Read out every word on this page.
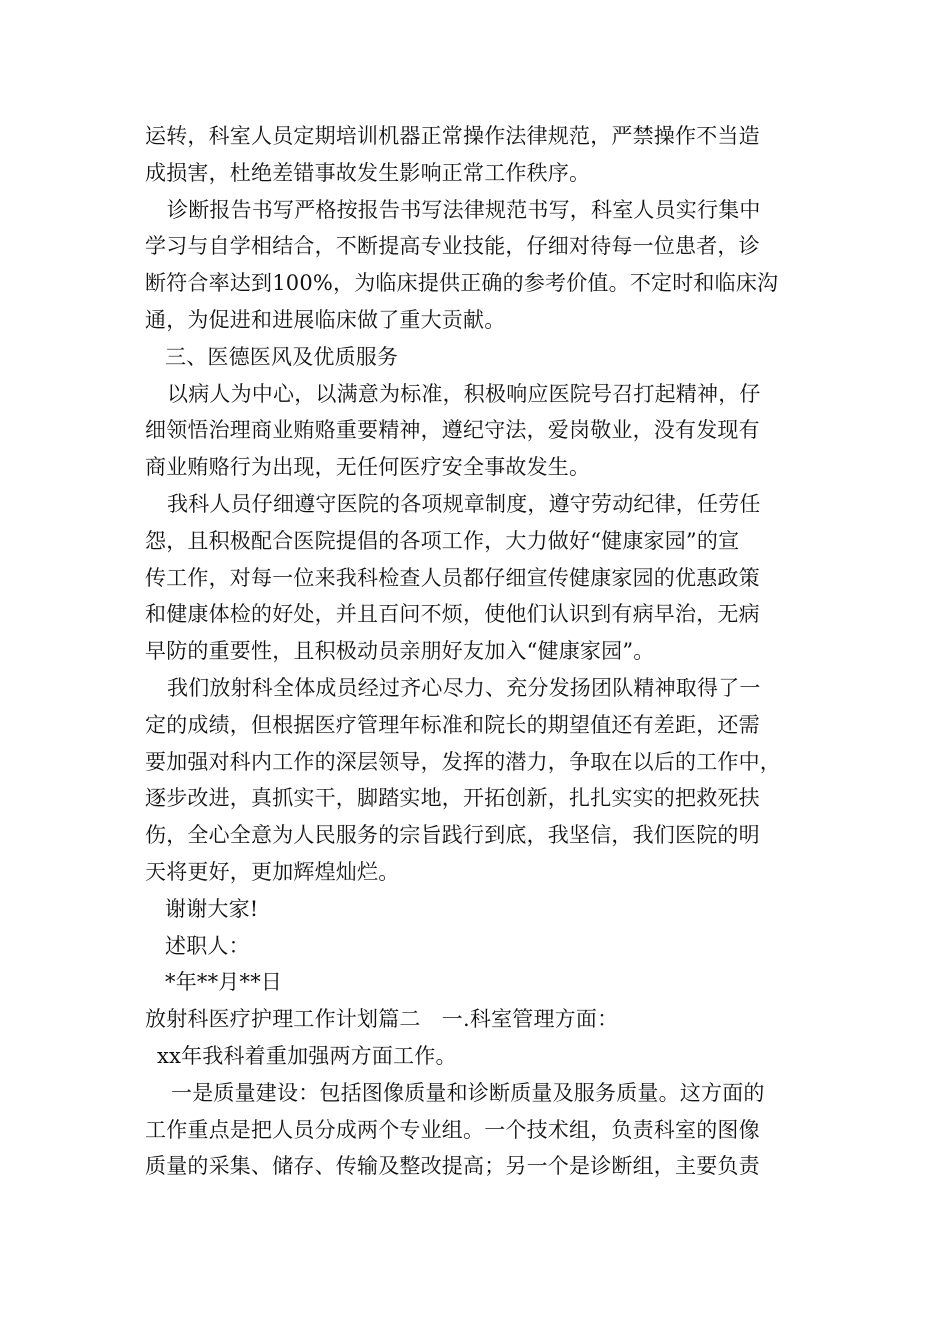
运转，科室人员定期培训机器正常操作法律规范，严禁操作不当造
成损害，杜绝差错事故发生影响正常工作秩序。
诊断报告书写严格按报告书写法律规范书写，科室人员实行集中
学习与自学相结合，不断提高专业技能，仔细对待每一位患者，诊
断符合率达到100%，为临床提供正确的参考价值。不定时和临床沟
通，为促进和进展临床做了重大贡献。
三、医德医风及优质服务
以病人为中心，以满意为标准，积极响应医院号召打起精神，仔
细领悟治理商业贿赂重要精神，遵纪守法，爱岗敬业，没有发现有
商业贿赂行为出现，无任何医疗安全事故发生。
我科人员仔细遵守医院的各项规章制度，遵守劳动纪律，任劳任
怨，且积极配合医院提倡的各项工作，大力做好“健康家园”的宣
传工作，对每一位来我科检查人员都仔细宣传健康家园的优惠政策
和健康体检的好处，并且百问不烦，使他们认识到有病早治，无病
早防的重要性，且积极动员亲朋好友加入“健康家园”。
我们放射科全体成员经过齐心尽力、充分发扬团队精神取得了一
定的成绩，但根据医疗管理年标准和院长的期望值还有差距，还需
要加强对科内工作的深层领导，发挥的潜力，争取在以后的工作中，
逐步改进，真抓实干，脚踏实地，开拓创新，扎扎实实的把救死扶
伤，全心全意为人民服务的宗旨践行到底，我坚信，我们医院的明
天将更好，更加辉煌灿烂。
谢谢大家!
述职人：
*年**月**日
放射科医疗护理工作计划篇二　一.科室管理方面：
xx年我科着重加强两方面工作。
一是质量建设：包括图像质量和诊断质量及服务质量。这方面的
工作重点是把人员分成两个专业组。一个技术组，负责科室的图像
质量的采集、储存、传输及整改提高；另一个是诊断组，主要负责
